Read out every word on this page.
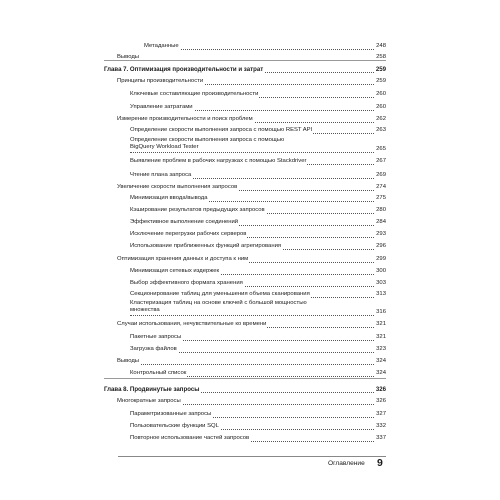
Метаданные	248
Выводы	258
Глава 7. Оптимизация производительности и затрат	259
Принципы производительности	259
Ключевые составляющие производительности	260
Управление затратами	260
Измерение производительности и поиск проблем	262
Определение скорости выполнения запроса с помощью REST API	263
Определение скорости выполнения запроса с помощью
BigQuery Workload Tester	265
Выявление проблем в рабочих нагрузках с помощью Stackdriver	267
Чтение плана запроса	269
Увеличение скорости выполнения запросов	274
Минимизация ввода/вывода	275
Кэширование результатов предыдущих запросов	280
Эффективное выполнение соединений	284
Исключение перегрузки рабочих серверов	293
Использование приближенных функций агрегирования	296
Оптимизация хранения данных и доступа к ним	299
Минимизация сетевых издержек	300
Выбор эффективного формата хранения	303
Секционирование таблиц для уменьшения объема сканирования	313
Кластеризация таблиц на основе ключей с большой мощностью
множества	316
Случаи использования, нечувствительные ко времени	321
Пакетные запросы	321
Загрузка файлов	323
Выводы	324
Контрольный список	324
Глава 8. Продвинутые запросы	326
Многократные запросы	326
Параметризованные запросы	327
Пользовательские функции SQL	332
Повторное использование частей запросов	337
Оглавление 9
